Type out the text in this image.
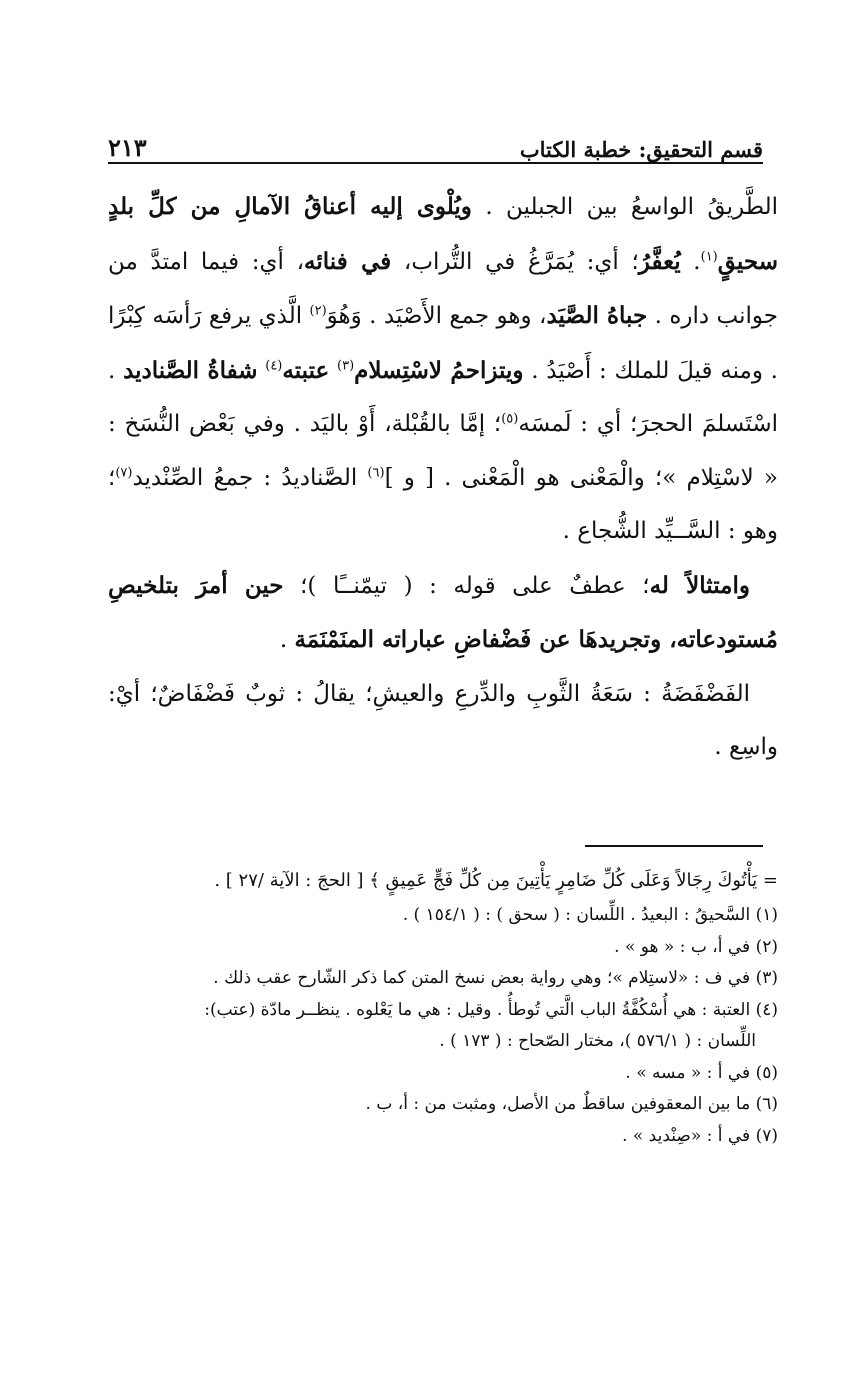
قسم التحقيق: خطبة الكتاب
٢١٣

الطَّريقُ الواسعُ بين الجبلين . ويُلْوى إليه أعناقُ الآمالِ من كلِّ بلدٍ سحيقٍ$^{(١)}$. يُعفَّرُ؛ أي: يُمَرَّغُ في التُّراب، في فنائه، أي: فيما امتدَّ من جوانب داره . جباهُ الصَّيَد، وهو جمع الأَصْيَد . وَهُوَ$^{(٢)}$ الَّذي يرفع رَأسَه كِبْرًا . ومنه قيلَ للملك : أَصْيَدُ . ويتزاحمُ لاسْتِسلام$^{(٣)}$ عتبته$^{(٤)}$ شفاةُ الصَّناديد . اسْتَسلمَ الحجرَ؛ أي : لَمسَه$^{(٥)}$؛ إمَّا بالقُبْلة، أَوْ باليَد . وفي بَعْض النُّسَخ : « لاسْتِلام »؛ والْمَعْنى هو الْمَعْنى . [ و ]$^{(٦)}$ الصَّناديدُ : جمعُ الصِّنْديد$^{(٧)}$؛ وهو : السَّــيِّد الشُّجاع .

وامتثالاً له؛ عطفٌ على قوله : ( تيمّنــًا )؛ حين أمرَ بتلخيصِ مُستودعاته، وتجريدهَا عن فَضْفاضِ عباراته المنَمْنَمَة .

الفَضْفَضَةُ : سَعَةُ الثَّوبِ والدِّرعِ والعيشِ؛ يقالُ : ثوبٌ فَضْفَاضٌ؛ أيْ: واسِع .

= يَأْتُوكَ رِجَالاً وَعَلَى كُلِّ ضَامِرٍ يَأْتِينَ مِن كُلِّ فَجٍّ عَمِيقٍ ﴾ [ الحجَ : الآية /٢٧ ] .

(١) السَّحيقُ : البعيدُ . اللِّسان : ( سحق ) : ( ١٥٤/١ ) .

(٢) في أ، ب : « هو » .

(٣) في ف : «لاستِلام »؛ وهي رواية بعض نسخ المتن كما ذكر الشّارح عقب ذلك .

(٤) العتبة : هي أُسْكُفَّةُ الباب الَّتي تُوطأُ . وقيل : هي ما يَعْلوه . ينظــر مادّة (عتب):

اللِّسان : ( ٥٧٦/١ )، مختار الصّحاح : ( ١٧٣ ) .

(٥) في أ : « مسه » .

(٦) ما بين المعقوفين ساقطٌ من الأصل، ومثبت من : أ، ب .

(٧) في أ : «صِنْديد » .
